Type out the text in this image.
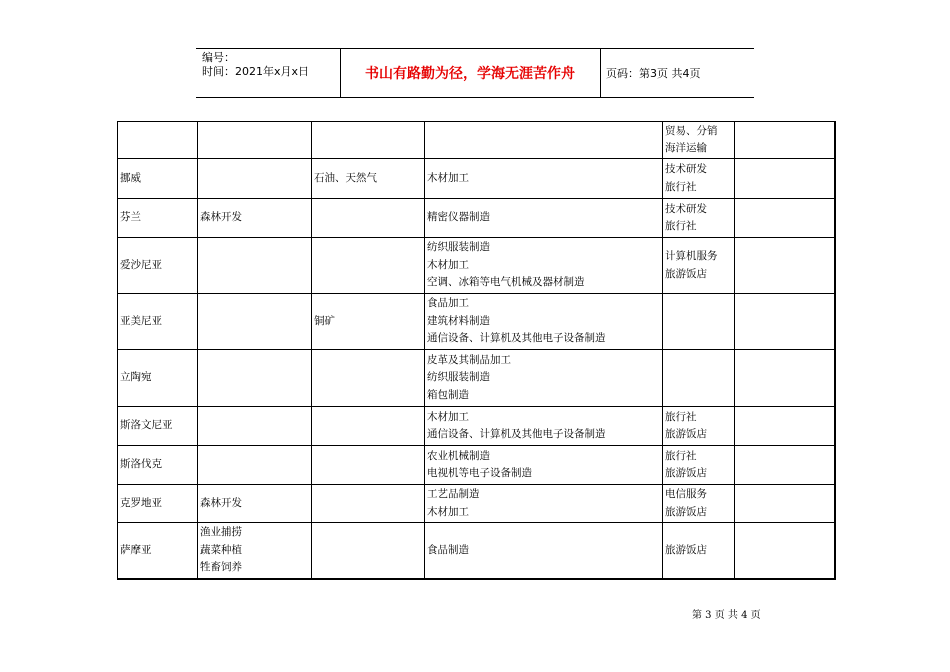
编号：
时间：2021年x月x日	书山有路勤为径，学海无涯苦作舟	页码：第3页 共4页
				贸易、分销
海洋运输	
挪威		石油、天然气	木材加工	技术研发
旅行社	
芬兰	森林开发		精密仪器制造	技术研发
旅行社	
爱沙尼亚			纺织服装制造
木材加工
空调、冰箱等电气机械及器材制造	计算机服务
旅游饭店	
亚美尼亚		铜矿	食品加工
建筑材料制造
通信设备、计算机及其他电子设备制造		
立陶宛			皮革及其制品加工
纺织服装制造
箱包制造		
斯洛文尼亚			木材加工
通信设备、计算机及其他电子设备制造	旅行社
旅游饭店	
斯洛伐克			农业机械制造
电视机等电子设备制造	旅行社
旅游饭店	
克罗地亚	森林开发		工艺品制造
木材加工	电信服务
旅游饭店	
萨摩亚	渔业捕捞
蔬菜种植
牲畜饲养		食品制造	旅游饭店	
第 3 页 共 4 页
